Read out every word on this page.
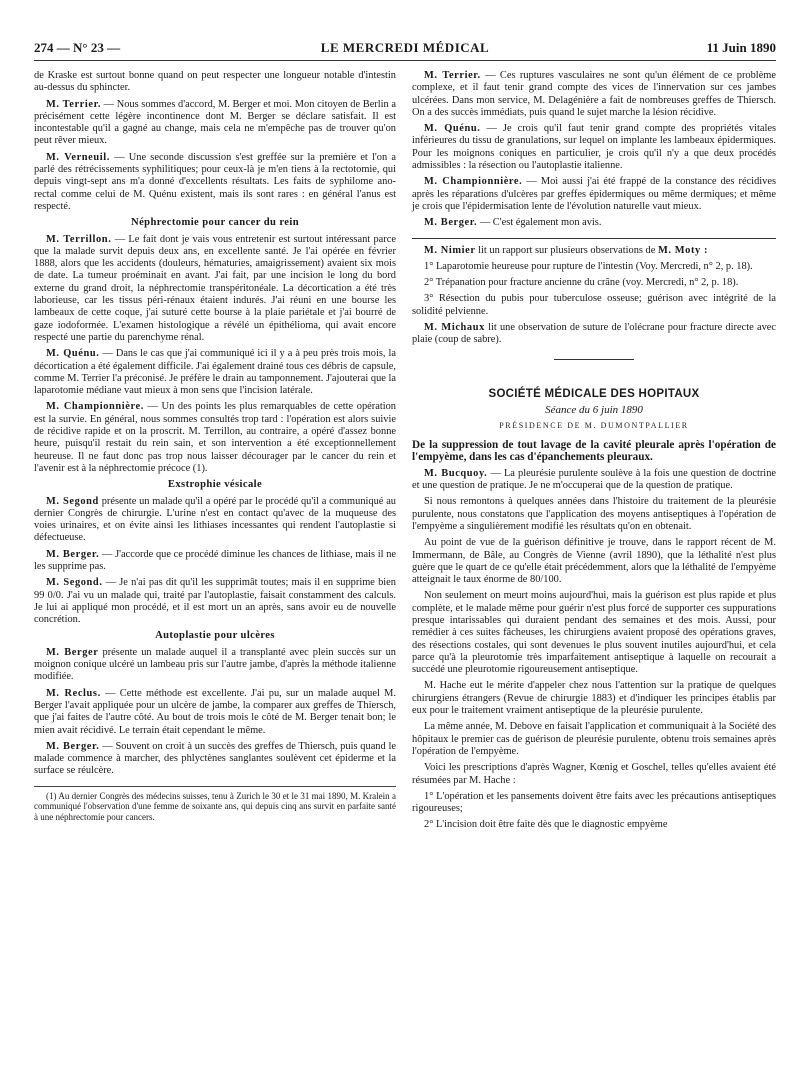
274 — N° 23 —	LE MERCREDI MÉDICAL	11 Juin 1890

de Kraske est surtout bonne quand on peut respecter une longueur notable d'intestin au-dessus du sphincter.

M. Terrier. — Nous sommes d'accord, M. Berger et moi. Mon citoyen de Berlin a précisément cette légère incontinence dont M. Berger se déclare satisfait. Il est incontestable qu'il a gagné au change, mais cela ne m'empêche pas de trouver qu'on peut rêver mieux.

M. Verneuil. — Une seconde discussion s'est greffée sur la première et l'on a parlé des rétrécissements syphilitiques; pour ceux-là je m'en tiens à la rectotomie, qui depuis vingt-sept ans m'a donné d'excellents résultats. Les faits de syphilome ano-rectal comme celui de M. Quénu existent, mais ils sont rares : en général l'anus est respecté.

Néphrectomie pour cancer du rein

M. Terrillon. — Le fait dont je vais vous entretenir est surtout intéressant parce que la malade survit depuis deux ans, en excellente santé. Je l'ai opérée en février 1888, alors que les accidents (douleurs, hématuries, amaigrissement) avaient six mois de date. La tumeur proéminait en avant. J'ai fait, par une incision le long du bord externe du grand droit, la néphrectomie transpéritonéale. La décortication a été très laborieuse, car les tissus péri-rénaux étaient indurés. J'ai réuni en une bourse les lambeaux de cette coque, j'ai suturé cette bourse à la plaie pariétale et j'ai bourré de gaze iodoformée. L'examen histologique a révélé un épithélioma, qui avait encore respecté une partie du parenchyme rénal.

M. Quénu. — Dans le cas que j'ai communiqué ici il y a à peu près trois mois, la décortication a été également difficile. J'ai également drainé tous ces débris de capsule, comme M. Terrier l'a préconisé. Je préfère le drain au tamponnement. J'ajouterai que la laparotomie médiane vaut mieux à mon sens que l'incision latérale.

M. Championnière. — Un des points les plus remarquables de cette opération est la survie. En général, nous sommes consultés trop tard : l'opération est alors suivie de récidive rapide et on la proscrit. M. Terrillon, au contraire, a opéré d'assez bonne heure, puisqu'il restait du rein sain, et son intervention a été exceptionnellement heureuse. Il ne faut donc pas trop nous laisser décourager par le cancer du rein et l'avenir est à la néphrectomie précoce (1).

Exstrophie vésicale

M. Segond présente un malade qu'il a opéré par le procédé qu'il a communiqué au dernier Congrès de chirurgie. L'urine n'est en contact qu'avec de la muqueuse des voies urinaires, et on évite ainsi les lithiases incessantes qui rendent l'autoplastie si défectueuse.

M. Berger. — J'accorde que ce procédé diminue les chances de lithiase, mais il ne les supprime pas.

M. Segond. — Je n'ai pas dit qu'il les supprimât toutes; mais il en supprime bien 99 0/0. J'ai vu un malade qui, traité par l'autoplastie, faisait constamment des calculs. Je lui ai appliqué mon procédé, et il est mort un an après, sans avoir eu de nouvelle concrétion.

Autoplastie pour ulcères

M. Berger présente un malade auquel il a transplanté avec plein succès sur un moignon conique ulcéré un lambeau pris sur l'autre jambe, d'après la méthode italienne modifiée.

M. Reclus. — Cette méthode est excellente. J'ai pu, sur un malade auquel M. Berger l'avait appliquée pour un ulcère de jambe, la comparer aux greffes de Thiersch, que j'ai faites de l'autre côté. Au bout de trois mois le côté de M. Berger tenait bon; le mien avait récidivé. Le terrain était cependant le même.

M. Berger. — Souvent on croit à un succès des greffes de Thiersch, puis quand le malade commence à marcher, des phlyctènes sanglantes soulèvent cet épiderme et la surface se réulcère.

(1) Au dernier Congrès des médecins suisses, tenu à Zurich le 30 et le 31 mai 1890, M. Kralein a communiqué l'observation d'une femme de soixante ans, qui depuis cinq ans survit en parfaite santé à une néphrectomie pour cancers.

M. Terrier. — Ces ruptures vasculaires ne sont qu'un élément de ce problème complexe, et il faut tenir grand compte des vices de l'innervation sur ces jambes ulcérées. Dans mon service, M. Delagénière a fait de nombreuses greffes de Thiersch. On a des succès immédiats, puis quand le sujet marche la lésion récidive.

M. Quénu. — Je crois qu'il faut tenir grand compte des propriétés vitales inférieures du tissu de granulations, sur lequel on implante les lambeaux épidermiques. Pour les moignons coniques en particulier, je crois qu'il n'y a que deux procédés admissibles : la résection ou l'autoplastie italienne.

M. Championnière. — Moi aussi j'ai été frappé de la constance des récidives après les réparations d'ulcères par greffes épidermiques ou même dermiques; et même je crois que l'épidermisation lente de l'évolution naturelle vaut mieux.

M. Berger. — C'est également mon avis.

M. Nimier lit un rapport sur plusieurs observations de M. Moty :

1° Laparotomie heureuse pour rupture de l'intestin (Voy. Mercredi, n° 2, p. 18).

2° Trépanation pour fracture ancienne du crâne (voy. Mercredi, n° 2, p. 18).

3° Résection du pubis pour tuberculose osseuse; guérison avec intégrité de la solidité pelvienne.

M. Michaux lit une observation de suture de l'olécrane pour fracture directe avec plaie (coup de sabre).

SOCIÉTÉ MÉDICALE DES HOPITAUX
Séance du 6 juin 1890
PRÉSIDENCE DE M. DUMONTPALLIER
De la suppression de tout lavage de la cavité pleurale après l'opération de l'empyème, dans les cas d'épanchements pleuraux.

M. Bucquoy. — La pleurésie purulente soulève à la fois une question de doctrine et une question de pratique. Je ne m'occuperai que de la question de pratique.

Si nous remontons à quelques années dans l'histoire du traitement de la pleurésie purulente, nous constatons que l'application des moyens antiseptiques à l'opération de l'empyème a singulièrement modifié les résultats qu'on en obtenait.

Au point de vue de la guérison définitive je trouve, dans le rapport récent de M. Immermann, de Bâle, au Congrès de Vienne (avril 1890), que la léthalité n'est plus guère que le quart de ce qu'elle était précédemment, alors que la léthalité de l'empyème atteignait le taux énorme de 80/100.

Non seulement on meurt moins aujourd'hui, mais la guérison est plus rapide et plus complète, et le malade même pour guérir n'est plus forcé de supporter ces suppurations presque intarissables qui duraient pendant des semaines et des mois. Aussi, pour remédier à ces suites fâcheuses, les chirurgiens avaient proposé des opérations graves, des résections costales, qui sont devenues le plus souvent inutiles aujourd'hui, et cela parce qu'à la pleurotomie très imparfaitement antiseptique à laquelle on recourait a succédé une pleurotomie rigoureusement antiseptique.

M. Hache eut le mérite d'appeler chez nous l'attention sur la pratique de quelques chirurgiens étrangers (Revue de chirurgie 1883) et d'indiquer les principes établis par eux pour le traitement vraiment antiseptique de la pleurésie purulente.

La même année, M. Debove en faisait l'application et communiquait à la Société des hôpitaux le premier cas de guérison de pleurésie purulente, obtenu trois semaines après l'opération de l'empyème.

Voici les prescriptions d'après Wagner, Kœnig et Goschel, telles qu'elles avaient été résumées par M. Hache :

1° L'opération et les pansements doivent être faits avec les précautions antiseptiques rigoureuses;

2° L'incision doit être faite dès que le diagnostic empyème
